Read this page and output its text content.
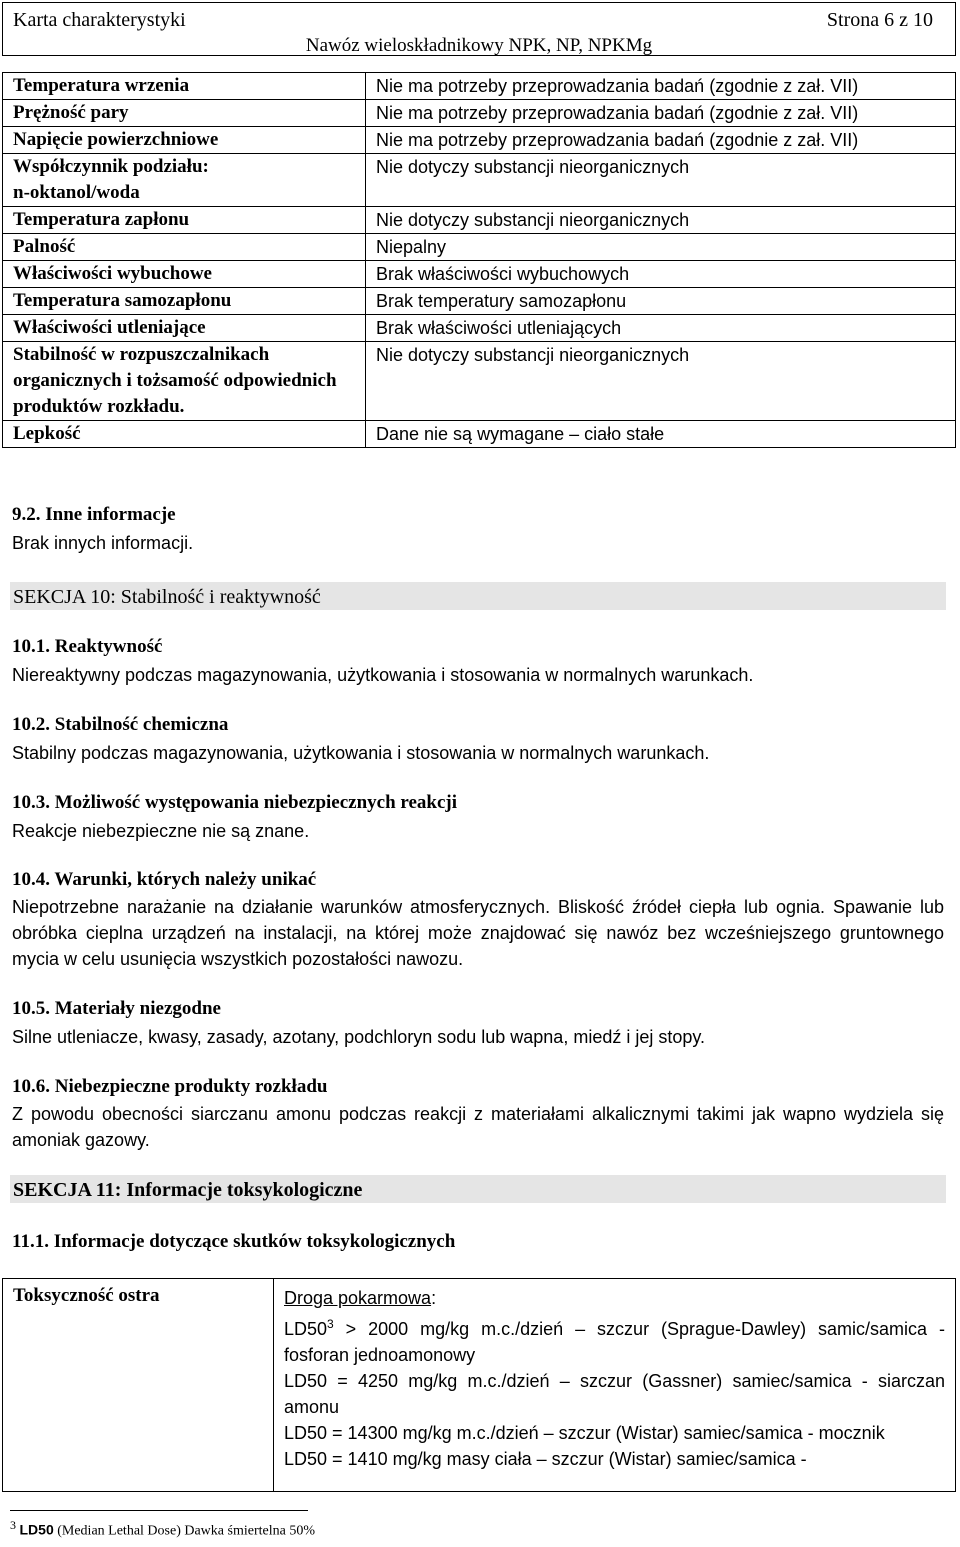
Karta charakterystyki	Strona 6 z 10
Nawóz wieloskładnikowy NPK, NP, NPKMg
Temperatura wrzenia	Nie ma potrzeby przeprowadzania badań (zgodnie z zał. VII)
Prężność pary	Nie ma potrzeby przeprowadzania badań (zgodnie z zał. VII)
Napięcie powierzchniowe	Nie ma potrzeby przeprowadzania badań (zgodnie z zał. VII)
Współczynnik podziału:
n-oktanol/woda	Nie dotyczy substancji nieorganicznych
Temperatura zapłonu	Nie dotyczy substancji nieorganicznych
Palność	Niepalny
Właściwości wybuchowe	Brak właściwości wybuchowych
Temperatura samozapłonu	Brak temperatury samozapłonu
Właściwości utleniające	Brak właściwości utleniających
Stabilność w rozpuszczalnikach organicznych i tożsamość odpowiednich produktów rozkładu.	Nie dotyczy substancji nieorganicznych
Lepkość	Dane nie są wymagane – ciało stałe
9.2. Inne informacje
Brak innych informacji.
SEKCJA 10: Stabilność i reaktywność
10.1. Reaktywność
Niereaktywny podczas magazynowania, użytkowania i stosowania w normalnych warunkach.
10.2. Stabilność chemiczna
Stabilny podczas magazynowania, użytkowania i stosowania w normalnych warunkach.
10.3. Możliwość występowania niebezpiecznych reakcji
Reakcje niebezpieczne nie są znane.
10.4. Warunki, których należy unikać
Niepotrzebne narażanie na działanie warunków atmosferycznych. Bliskość źródeł ciepła lub ognia. Spawanie lub obróbka cieplna urządzeń na instalacji, na której może znajdować się nawóz bez wcześniejszego gruntownego mycia w celu usunięcia wszystkich pozostałości nawozu.
10.5. Materiały niezgodne
Silne utleniacze, kwasy, zasady, azotany, podchloryn sodu lub wapna, miedź i jej stopy.
10.6. Niebezpieczne produkty rozkładu
Z powodu obecności siarczanu amonu podczas reakcji z materiałami alkalicznymi takimi jak wapno wydziela się amoniak gazowy.
SEKCJA 11: Informacje toksykologiczne
11.1. Informacje dotyczące skutków toksykologicznych
Toksyczność ostra	Droga pokarmowa:
$LD50^3 > 2000$ mg/kg m.c./dzień – szczur (Sprague-Dawley) samic/samica - fosforan jednoamonowy
LD50 = 4250 mg/kg m.c./dzień – szczur (Gassner) samiec/samica - siarczan amonu
LD50 = 14300 mg/kg m.c./dzień – szczur (Wistar) samiec/samica - mocznik
LD50 = 1410 mg/kg masy ciała – szczur (Wistar) samiec/samica -
$^3$ LD50 (Median Lethal Dose) Dawka śmiertelna 50%
